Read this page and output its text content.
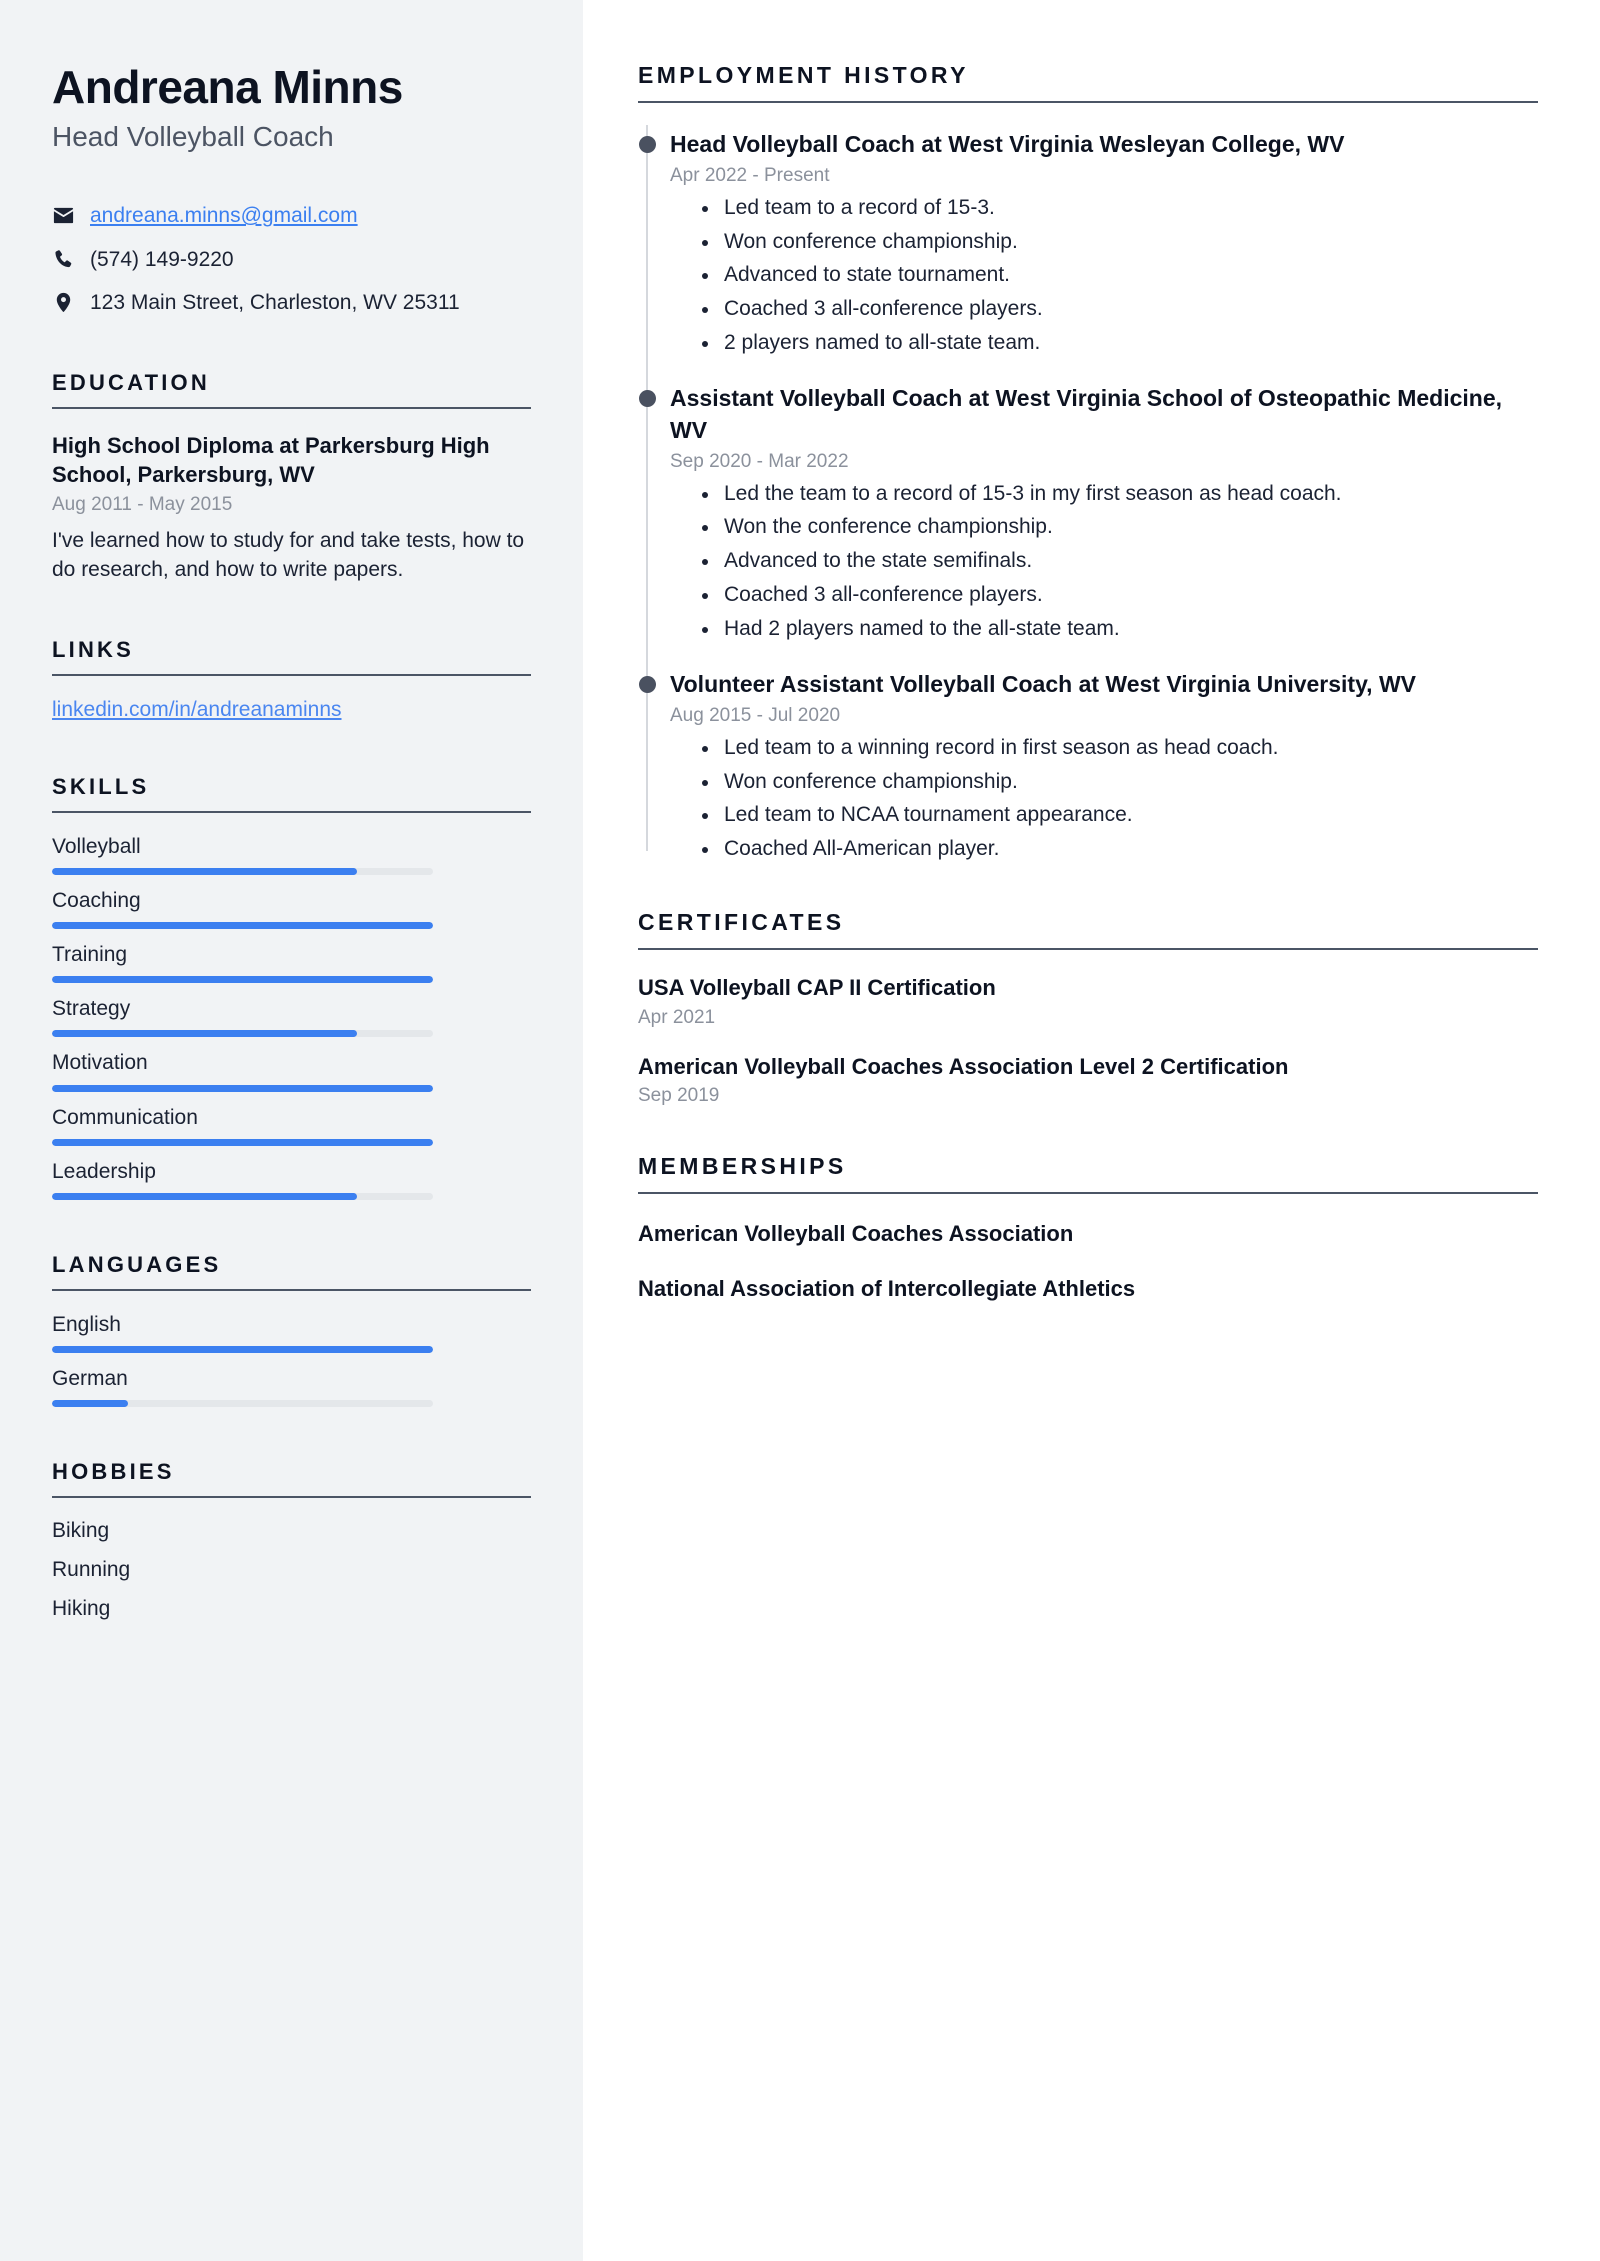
Andreana Minns
Head Volleyball Coach
andreana.minns@gmail.com
(574) 149-9220
123 Main Street, Charleston, WV 25311
EDUCATION
High School Diploma at Parkersburg High School, Parkersburg, WV
Aug 2011 - May 2015
I've learned how to study for and take tests, how to do research, and how to write papers.
LINKS
linkedin.com/in/andreanaminns
SKILLS
Volleyball
Coaching
Training
Strategy
Motivation
Communication
Leadership
LANGUAGES
English
German
HOBBIES
Biking
Running
Hiking
EMPLOYMENT HISTORY
Head Volleyball Coach at West Virginia Wesleyan College, WV
Apr 2022 - Present
Led team to a record of 15-3.
Won conference championship.
Advanced to state tournament.
Coached 3 all-conference players.
2 players named to all-state team.
Assistant Volleyball Coach at West Virginia School of Osteopathic Medicine, WV
Sep 2020 - Mar 2022
Led the team to a record of 15-3 in my first season as head coach.
Won the conference championship.
Advanced to the state semifinals.
Coached 3 all-conference players.
Had 2 players named to the all-state team.
Volunteer Assistant Volleyball Coach at West Virginia University, WV
Aug 2015 - Jul 2020
Led team to a winning record in first season as head coach.
Won conference championship.
Led team to NCAA tournament appearance.
Coached All-American player.
CERTIFICATES
USA Volleyball CAP II Certification
Apr 2021
American Volleyball Coaches Association Level 2 Certification
Sep 2019
MEMBERSHIPS
American Volleyball Coaches Association
National Association of Intercollegiate Athletics
